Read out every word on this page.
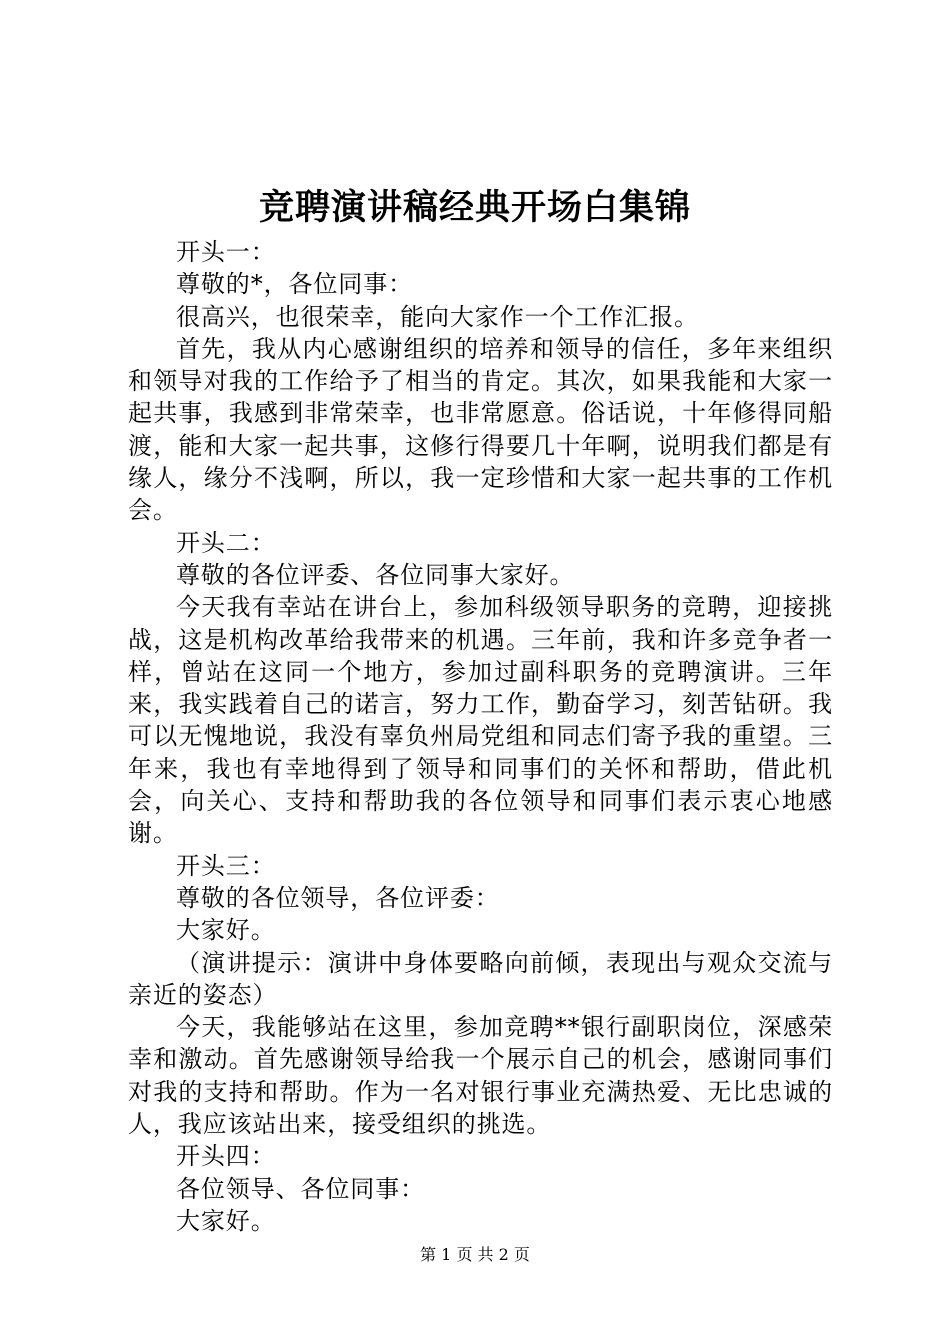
竞聘演讲稿经典开场白集锦

开头一：

尊敬的*，各位同事：

很高兴，也很荣幸，能向大家作一个工作汇报。

首先，我从内心感谢组织的培养和领导的信任，多年来组织和领导对我的工作给予了相当的肯定。其次，如果我能和大家一起共事，我感到非常荣幸，也非常愿意。俗话说，十年修得同船渡，能和大家一起共事，这修行得要几十年啊，说明我们都是有缘人，缘分不浅啊，所以，我一定珍惜和大家一起共事的工作机会。

开头二：

尊敬的各位评委、各位同事大家好。

今天我有幸站在讲台上，参加科级领导职务的竞聘，迎接挑战，这是机构改革给我带来的机遇。三年前，我和许多竞争者一样，曾站在这同一个地方，参加过副科职务的竞聘演讲。三年来，我实践着自己的诺言，努力工作，勤奋学习，刻苦钻研。我可以无愧地说，我没有辜负州局党组和同志们寄予我的重望。三年来，我也有幸地得到了领导和同事们的关怀和帮助，借此机会，向关心、支持和帮助我的各位领导和同事们表示衷心地感谢。

开头三：

尊敬的各位领导，各位评委：

大家好。

（演讲提示：演讲中身体要略向前倾，表现出与观众交流与亲近的姿态）

今天，我能够站在这里，参加竞聘**银行副职岗位，深感荣幸和激动。首先感谢领导给我一个展示自己的机会，感谢同事们对我的支持和帮助。作为一名对银行事业充满热爱、无比忠诚的人，我应该站出来，接受组织的挑选。

开头四：

各位领导、各位同事：

大家好。

第 1 页 共 2 页
